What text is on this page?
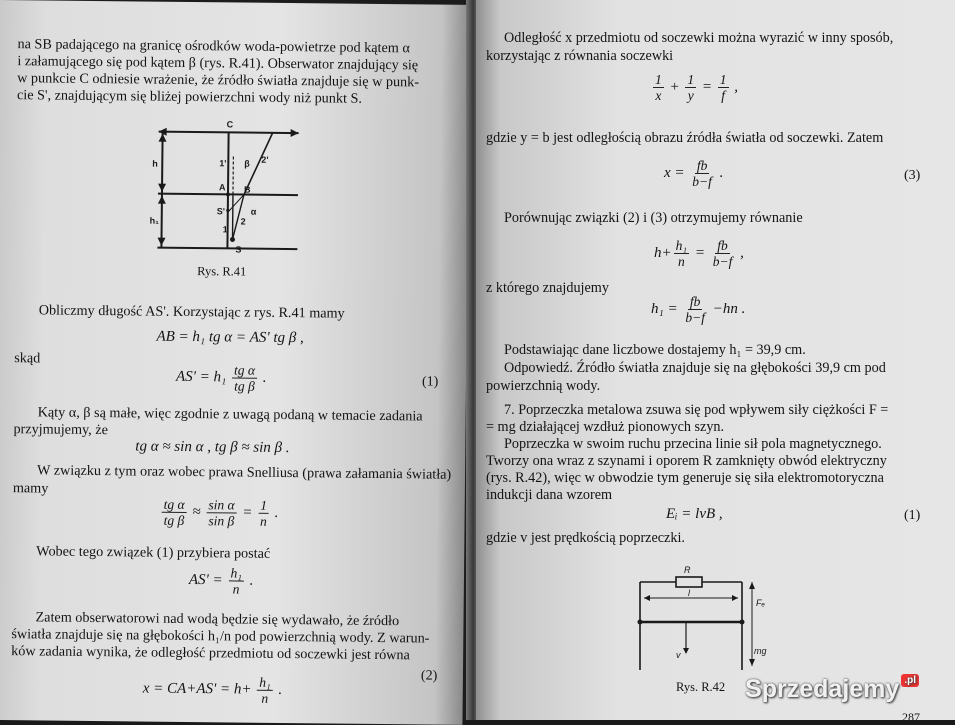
na SB padającego na granicę ośrodków woda-powietrze pod kątem α
i załamującego się pod kątem β (rys. R.41). Obserwator znajdujący się
w punkcie C odniesie wrażenie, że źródło światła znajduje się w punk-
cie S', znajdującym się bliżej powierzchni wody niż punkt S.
C
A B
S'
S
h
h₁
1'	2'
1
2
β
α
Rys. R.41
Obliczmy długość AS'. Korzystając z rys. R.41 mamy
AB = h₁ tg α = AS' tg β ,
skąd
$AS' = h_1 \frac{\text{tg α}}{\text{tg β}}$ .	(1)
Kąty α, β są małe, więc zgodnie z uwagą podaną w temacie zadania
przyjmujemy, że
tg α ≈ sin α , tg β ≈ sin β .
W związku z tym oraz wobec prawa Snelliusa (prawa załamania światła)
mamy
$\frac{\text{tg α}}{\text{tg β}} \approx \frac{\text{sin α}}{\text{sin β}} = \frac{1}{n}$ .
Wobec tego związek (1) przybiera postać
$AS' = \frac{\text{h₁}}{n}$ .
Zatem obserwatorowi nad wodą będzie się wydawało, że źródło
światła znajduje się na głębokości h₁/n pod powierzchnią wody. Z warun-
ków zadania wynika, że odległość przedmiotu od soczewki jest równa
(2)
$x = CA+AS' = h+ \frac{\text{h₁}}{n}$ .
Odległość x przedmiotu od soczewki można wyrazić w inny sposób,
korzystając z równania soczewki
$\frac{1}{x} + \frac{1}{y} = \frac{1}{f}$ ,
gdzie y = b jest odległością obrazu źródła światła od soczewki. Zatem
$x = \frac{fb}{b-f}$ .	(3)
Porównując związki (2) i (3) otrzymujemy równanie
$h+ \frac{\text{h₁}}{n} = \frac{fb}{b-f}$ ,
z którego znajdujemy
$h_1 = \frac{fb}{b-f} -hn$ .
Podstawiając dane liczbowe dostajemy h₁ = 39,9 cm.
Odpowiedź. Źródło światła znajduje się na głębokości 39,9 cm pod
powierzchnią wody.
7. Poprzeczka metalowa zsuwa się pod wpływem siły ciężkości F =
= mg działającej wzdłuż pionowych szyn.
Poprzeczka w swoim ruchu przecina linie sił pola magnetycznego.
Tworzy ona wraz z szynami i oporem R zamknięty obwód elektryczny
(rys. R.42), więc w obwodzie tym generuje się siła elektromotoryczna
indukcji dana wzorem
Eᵢ = lvB ,	(1)
gdzie v jest prędkością poprzeczki.
R
l
Fₑ
v	mg
Rys. R.42
287
Sprzedajemy $^{.pl}$
